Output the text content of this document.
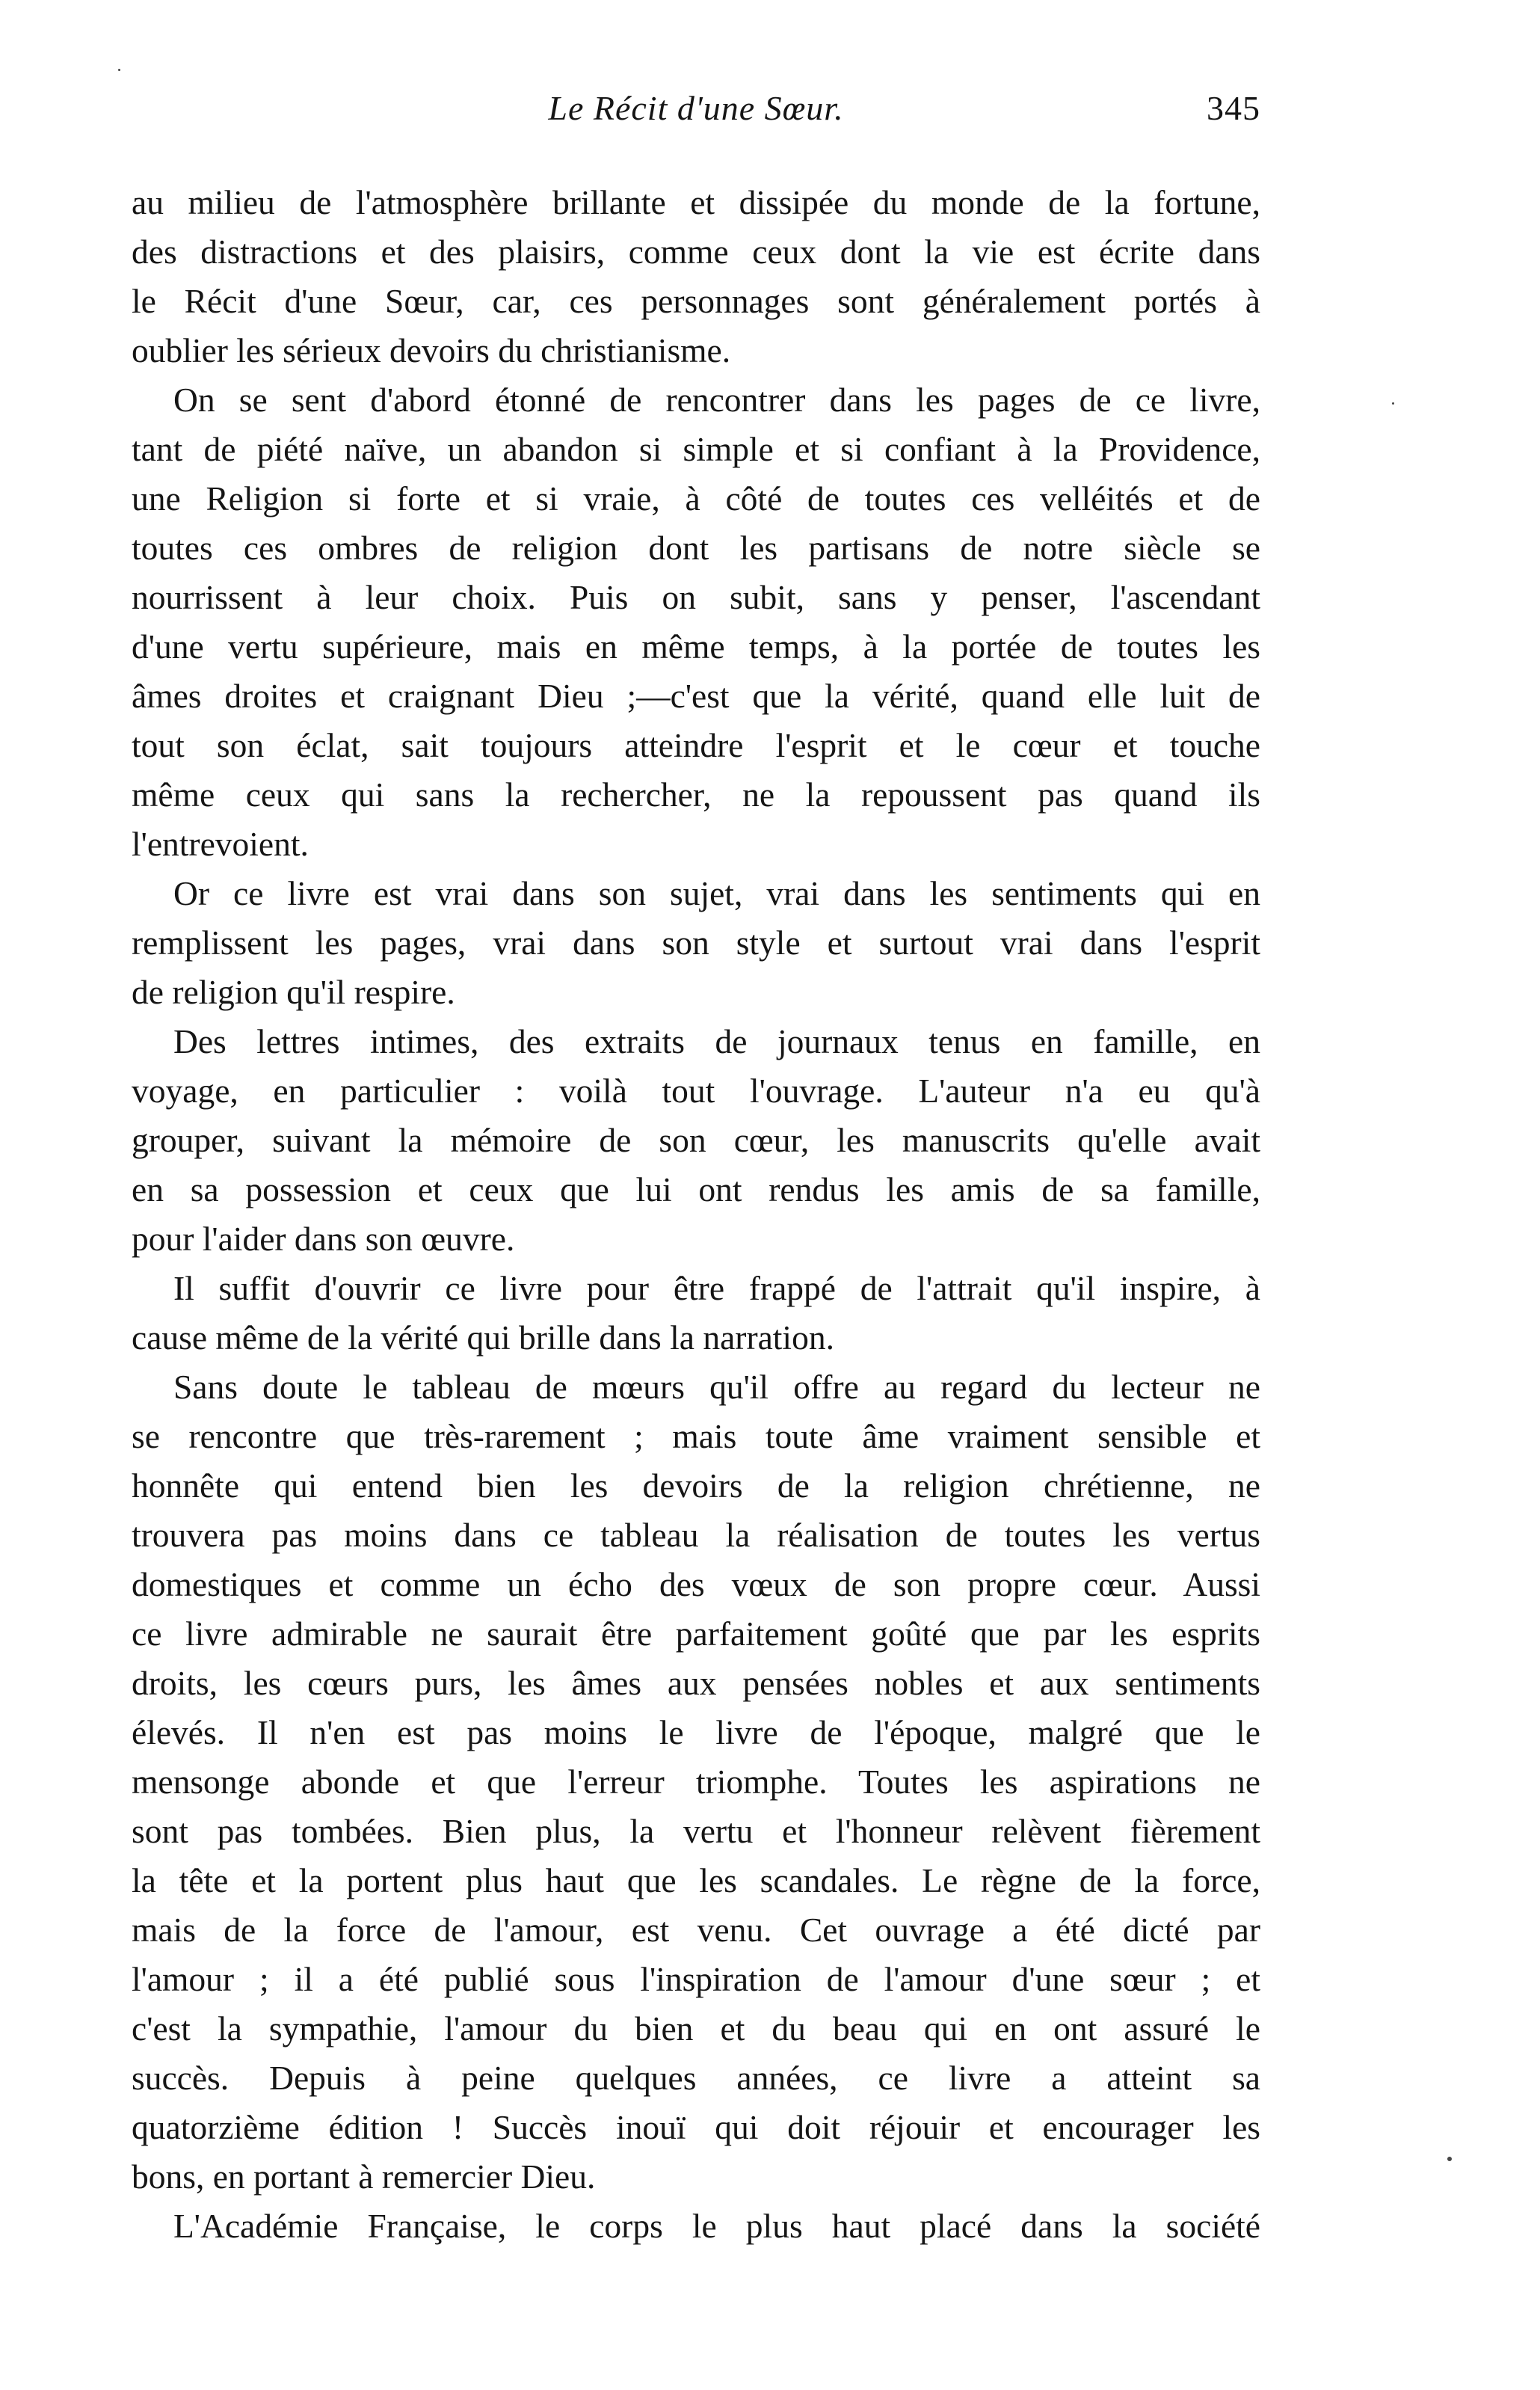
Le Récit d'une Sœur.	345
au milieu de l'atmosphère brillante et dissipée du monde de la fortune,
des distractions et des plaisirs, comme ceux dont la vie est écrite dans
le Récit d'une Sœur, car, ces personnages sont généralement portés à
oublier les sérieux devoirs du christianisme.
On se sent d'abord étonné de rencontrer dans les pages de ce livre,
tant de piété naïve, un abandon si simple et si confiant à la Providence,
une Religion si forte et si vraie, à côté de toutes ces velléités et de
toutes ces ombres de religion dont les partisans de notre siècle se
nourrissent à leur choix. Puis on subit, sans y penser, l'ascendant
d'une vertu supérieure, mais en même temps, à la portée de toutes les
âmes droites et craignant Dieu ;—c'est que la vérité, quand elle luit de
tout son éclat, sait toujours atteindre l'esprit et le cœur et touche
même ceux qui sans la rechercher, ne la repoussent pas quand ils
l'entrevoient.
Or ce livre est vrai dans son sujet, vrai dans les sentiments qui en
remplissent les pages, vrai dans son style et surtout vrai dans l'esprit
de religion qu'il respire.
Des lettres intimes, des extraits de journaux tenus en famille, en
voyage, en particulier : voilà tout l'ouvrage. L'auteur n'a eu qu'à
grouper, suivant la mémoire de son cœur, les manuscrits qu'elle avait
en sa possession et ceux que lui ont rendus les amis de sa famille,
pour l'aider dans son œuvre.
Il suffit d'ouvrir ce livre pour être frappé de l'attrait qu'il inspire, à
cause même de la vérité qui brille dans la narration.
Sans doute le tableau de mœurs qu'il offre au regard du lecteur ne
se rencontre que très-rarement ; mais toute âme vraiment sensible et
honnête qui entend bien les devoirs de la religion chrétienne, ne
trouvera pas moins dans ce tableau la réalisation de toutes les vertus
domestiques et comme un écho des vœux de son propre cœur. Aussi
ce livre admirable ne saurait être parfaitement goûté que par les esprits
droits, les cœurs purs, les âmes aux pensées nobles et aux sentiments
élevés. Il n'en est pas moins le livre de l'époque, malgré que le
mensonge abonde et que l'erreur triomphe. Toutes les aspirations ne
sont pas tombées. Bien plus, la vertu et l'honneur relèvent fièrement
la tête et la portent plus haut que les scandales. Le règne de la force,
mais de la force de l'amour, est venu. Cet ouvrage a été dicté par
l'amour ; il a été publié sous l'inspiration de l'amour d'une sœur ; et
c'est la sympathie, l'amour du bien et du beau qui en ont assuré le
succès. Depuis à peine quelques années, ce livre a atteint sa
quatorzième édition ! Succès inouï qui doit réjouir et encourager les
bons, en portant à remercier Dieu.
L'Académie Française, le corps le plus haut placé dans la société
